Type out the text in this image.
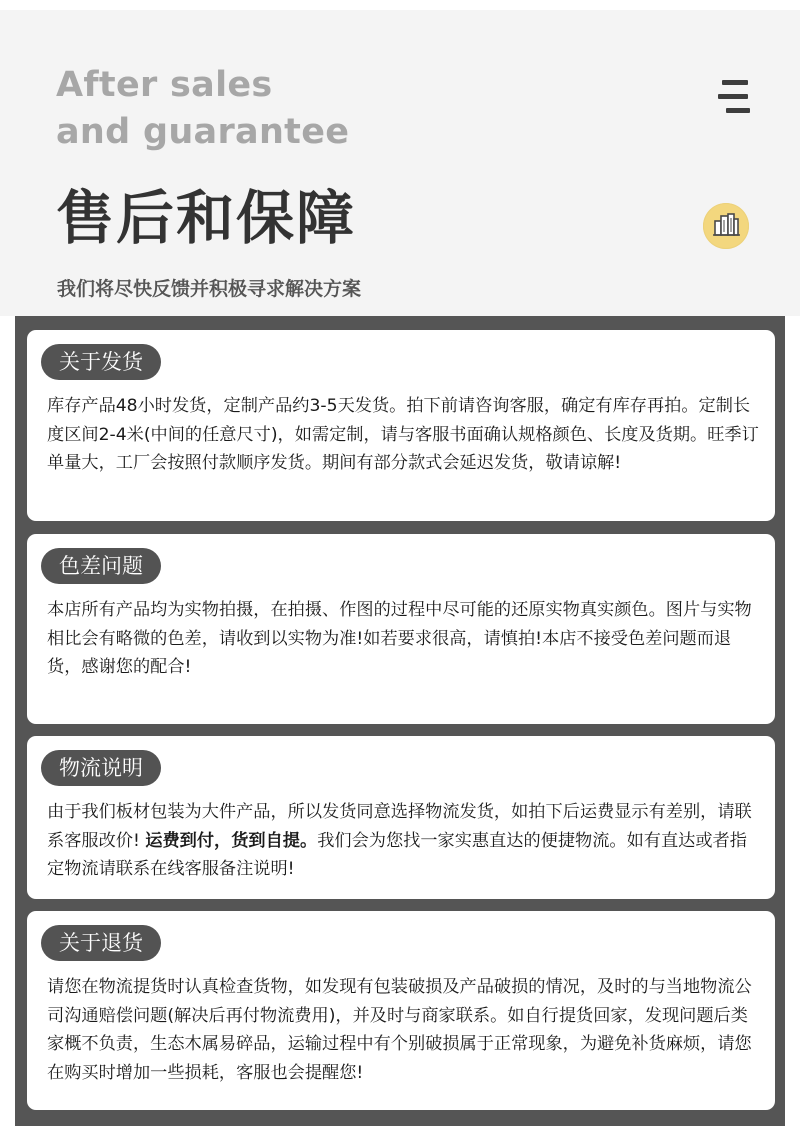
After sales
and guarantee
售后和保障
我们将尽快反馈并积极寻求解决方案
关于发货
库存产品48小时发货，定制产品约3-5天发货。拍下前请咨询客服，确定有库存再拍。定制长度区间2-4米(中间的任意尺寸)，如需定制，请与客服书面确认规格颜色、长度及货期。旺季订单量大，工厂会按照付款顺序发货。期间有部分款式会延迟发货，敬请谅解!
色差问题
本店所有产品均为实物拍摄，在拍摄、作图的过程中尽可能的还原实物真实颜色。图片与实物相比会有略微的色差，请收到以实物为准!如若要求很高，请慎拍!本店不接受色差问题而退货，感谢您的配合!
物流说明
由于我们板材包装为大件产品，所以发货同意选择物流发货，如拍下后运费显示有差别，请联系客服改价! 运费到付，货到自提。我们会为您找一家实惠直达的便捷物流。如有直达或者指定物流请联系在线客服备注说明!
关于退货
请您在物流提货时认真检查货物，如发现有包装破损及产品破损的情况，及时的与当地物流公司沟通赔偿问题(解决后再付物流费用)，并及时与商家联系。如自行提货回家，发现问题后类家概不负责，生态木属易碎品，运输过程中有个别破损属于正常现象，为避免补货麻烦，请您在购买时增加一些损耗，客服也会提醒您!
